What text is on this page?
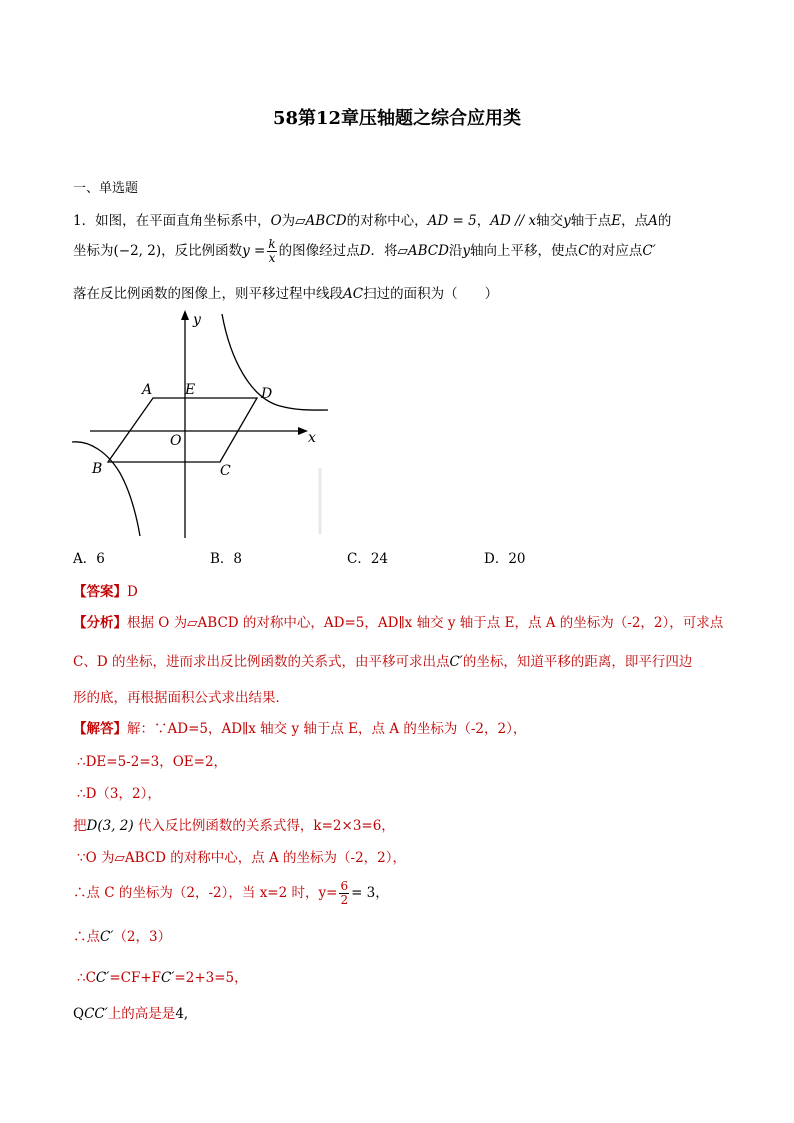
58第12章压轴题之综合应用类
一、单选题
1．如图，在平面直角坐标系中，O为▱ABCD的对称中心，AD = 5，AD // x轴交y轴于点E，点A的
坐标为(−2, 2)，反比例函数$y = \frac{k}{x}$ 的图像经过点D．将▱ABCD沿y轴向上平移，使点C的对应点C′
落在反比例函数的图像上，则平移过程中线段AC扫过的面积为（　　）
y
x
A E	D
O
B	C
A．6	B．8	C．24	D．20
【答案】D
【分析】根据 O 为▱ABCD 的对称中心，AD=5，AD∥x 轴交 y 轴于点 E，点 A 的坐标为（-2，2），可求点
C、D 的坐标，进而求出反比例函数的关系式，由平移可求出点C′的坐标，知道平移的距离，即平行四边
形的底，再根据面积公式求出结果．
【解答】解：∵AD=5，AD∥x 轴交 y 轴于点 E，点 A 的坐标为（-2，2），
∴DE=5-2=3，OE=2，
∴D（3，2），
把D(3, 2) 代入反比例函数的关系式得，k=2×3=6，
∵O 为▱ABCD 的对称中心，点 A 的坐标为（-2，2），
∴点 C 的坐标为（2，-2），当 x=2 时，$y= \frac{6}{2} = 3$，
∴点C′（2，3）
∴CC′=CF+FC′=2+3=5，
QCC′上的高是是4,
